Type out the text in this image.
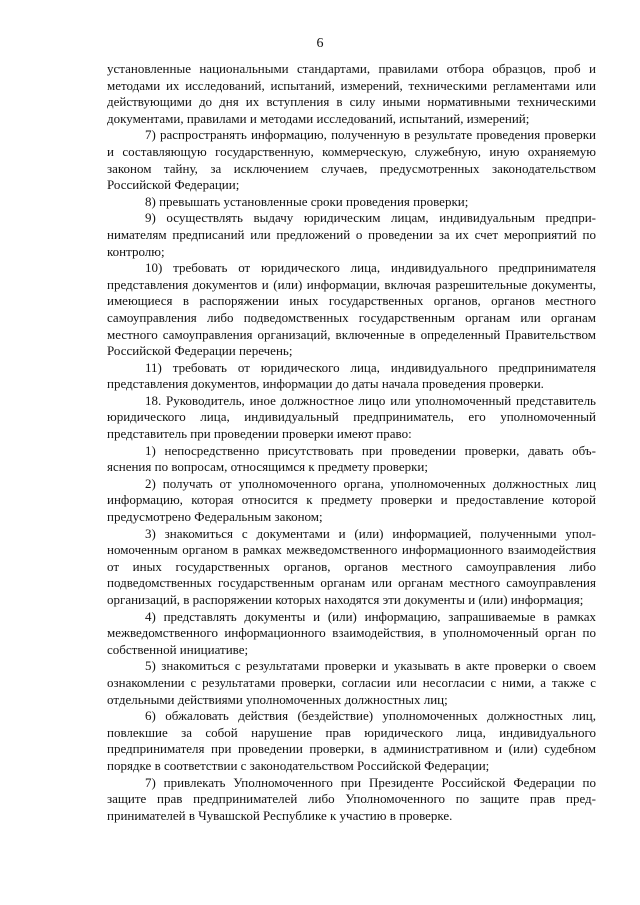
6

установленные национальными стандартами, правилами отбора образцов, проб и методами их исследований, испытаний, измерений, техническими регламентами или действующими до дня их вступления в силу иными нормативными техническими документами, правилами и методами исследований, испытаний, измерений;

7) распространять информацию, полученную в результате проведения проверки и составляющую государственную, коммерческую, служебную, иную охраняемую законом тайну, за исключением случаев, предусмотренных законодательством Российской Федерации;

8) превышать установленные сроки проведения проверки;

9) осуществлять выдачу юридическим лицам, индивидуальным предпринимателям предписаний или предложений о проведении за их счет мероприятий по контролю;

10) требовать от юридического лица, индивидуального предпринимателя представления документов и (или) информации, включая разрешительные документы, имеющиеся в распоряжении иных государственных органов, органов местного самоуправления либо подведомственных государственным органам или органам местного самоуправления организаций, включенные в определенный Правительством Российской Федерации перечень;

11) требовать от юридического лица, индивидуального предпринимателя представления документов, информации до даты начала проведения проверки.

18. Руководитель, иное должностное лицо или уполномоченный представитель юридического лица, индивидуальный предприниматель, его уполномоченный представитель при проведении проверки имеют право:

1) непосредственно присутствовать при проведении проверки, давать объяснения по вопросам, относящимся к предмету проверки;

2) получать от уполномоченного органа, уполномоченных должностных лиц информацию, которая относится к предмету проверки и предоставление которой предусмотрено Федеральным законом;

3) знакомиться с документами и (или) информацией, полученными уполномоченным органом в рамках межведомственного информационного взаимодействия от иных государственных органов, органов местного самоуправления либо подведомственных государственным органам или органам местного самоуправления организаций, в распоряжении которых находятся эти документы и (или) информация;

4) представлять документы и (или) информацию, запрашиваемые в рамках межведомственного информационного взаимодействия, в уполномоченный орган по собственной инициативе;

5) знакомиться с результатами проверки и указывать в акте проверки о своем ознакомлении с результатами проверки, согласии или несогласии с ними, а также с отдельными действиями уполномоченных должностных лиц;

6) обжаловать действия (бездействие) уполномоченных должностных лиц, повлекшие за собой нарушение прав юридического лица, индивидуального предпринимателя при проведении проверки, в административном и (или) судебном порядке в соответствии с законодательством Российской Федерации;

7) привлекать Уполномоченного при Президенте Российской Федерации по защите прав предпринимателей либо Уполномоченного по защите прав предпринимателей в Чувашской Республике к участию в проверке.
